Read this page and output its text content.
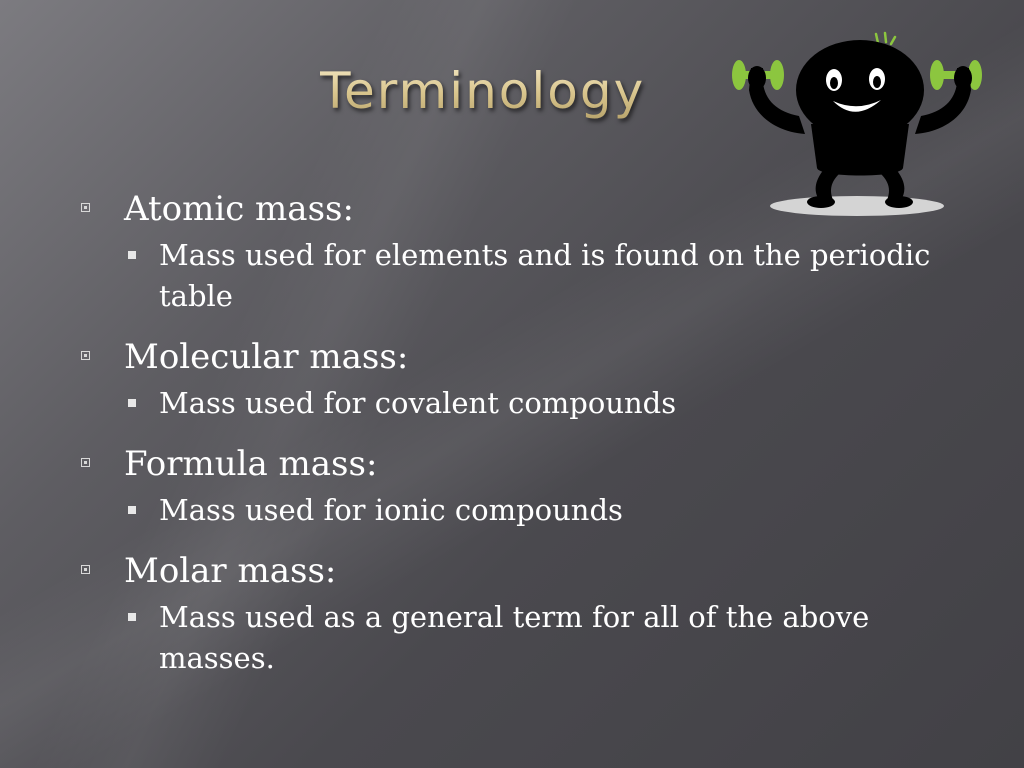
Terminology
Atomic mass:
Mass used for elements and is found on the periodic table
Molecular mass:
Mass used for covalent compounds
Formula mass:
Mass used for ionic compounds
Molar mass:
Mass used as a general term for all of the above masses.
